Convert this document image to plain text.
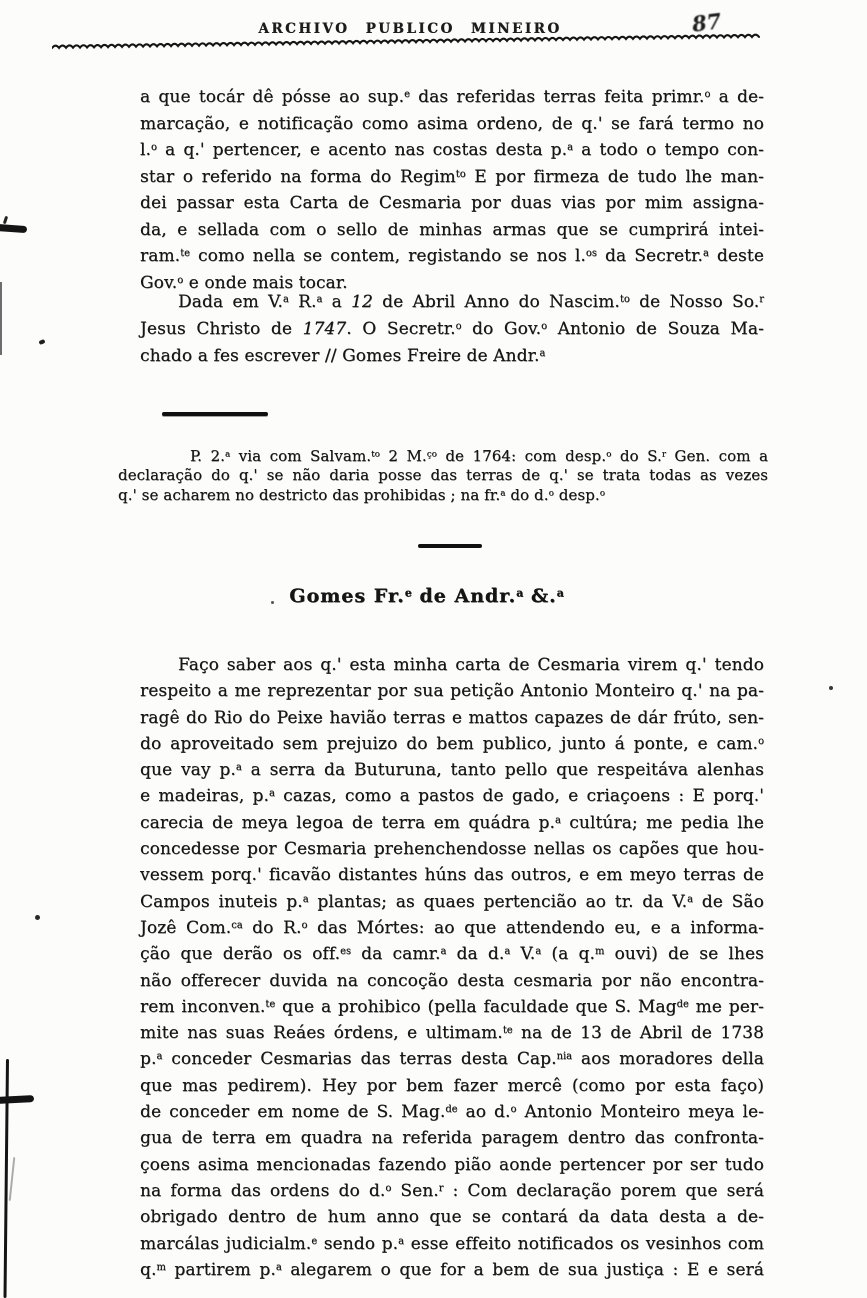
ARCHIVO PUBLICO MINEIRO	87
a que tocár dê pósse ao sup.$^e$ das referidas terras feita primr.$^o$ a de-
marcação, e notificação como asima ordeno, de q.' se fará termo no
l.$^o$ a q.' pertencer, e acento nas costas desta p.$^a$ a todo o tempo con-
star o referido na forma do Regim$^{to}$ E por firmeza de tudo lhe man-
dei passar esta Carta de Cesmaria por duas vias por mim assigna-
da, e sellada com o sello de minhas armas que se cumprirá intei-
ram.$^{te}$ como nella se contem, registando se nos l.$^{os}$ da Secretr.$^a$ deste
Gov.$^o$ e onde mais tocar.
Dada em V.$^a$ R.$^a$ a 12 de Abril Anno do Nascim.$^{to}$ de Nosso So.$^r$
Jesus Christo de 1747. O Secretr.$^o$ do Gov.$^o$ Antonio de Souza Ma-
chado a fes escrever // Gomes Freire de Andr.$^a$
P. 2.$^a$ via com Salvam.$^{to}$ 2 M.$^{ço}$ de 1764: com desp.$^o$ do S.$^r$ Gen. com a
declaração do q.' se não daria posse das terras de q.' se trata todas as vezes
q.' se acharem no destricto das prohibidas ; na fr.$^a$ do d.$^o$ desp.$^o$
Gomes Fr.$^e$ de Andr.$^a$ &.$^a$
Faço saber aos q.' esta minha carta de Cesmaria virem q.' tendo
respeito a me reprezentar por sua petição Antonio Monteiro q.' na pa-
ragê do Rio do Peixe havião terras e mattos capazes de dár frúto, sen-
do aproveitado sem prejuizo do bem publico, junto á ponte, e cam.$^o$
que vay p.$^a$ a serra da Buturuna, tanto pello que respeitáva alenhas
e madeiras, p.$^a$ cazas, como a pastos de gado, e criaçoens : E porq.'
carecia de meya legoa de terra em quádra p.$^a$ cultúra; me pedia lhe
concedesse por Cesmaria prehenchendosse nellas os capões que hou-
vessem porq.' ficavão distantes húns das outros, e em meyo terras de
Campos inuteis p.$^a$ plantas; as quaes pertencião ao tr. da V.$^a$ de São
Jozê Com.$^{ca}$ do R.$^o$ das Mórtes: ao que attendendo eu, e a informa-
ção que derão os off.$^{es}$ da camr.$^a$ da d.$^a$ V.$^a$ (a q.$^m$ ouvi) de se lhes
não offerecer duvida na concoção desta cesmaria por não encontra-
rem inconven.$^{te}$ que a prohibico (pella faculdade que S. Mag$^{de}$ me per-
mite nas suas Reáes órdens, e ultimam.$^{te}$ na de 13 de Abril de 1738
p.$^a$ conceder Cesmarias das terras desta Cap.$^{nia}$ aos moradores della
que mas pedirem). Hey por bem fazer mercê (como por esta faço)
de conceder em nome de S. Mag.$^{de}$ ao d.$^o$ Antonio Monteiro meya le-
gua de terra em quadra na referida paragem dentro das confronta-
çoens asima mencionadas fazendo pião aonde pertencer por ser tudo
na forma das ordens do d.$^o$ Sen.$^r$ : Com declaração porem que será
obrigado dentro de hum anno que se contará da data desta a de-
marcálas judicialm.$^e$ sendo p.$^a$ esse effeito notificados os vesinhos com
q.$^m$ partirem p.$^a$ alegarem o que for a bem de sua justiça : E e será
